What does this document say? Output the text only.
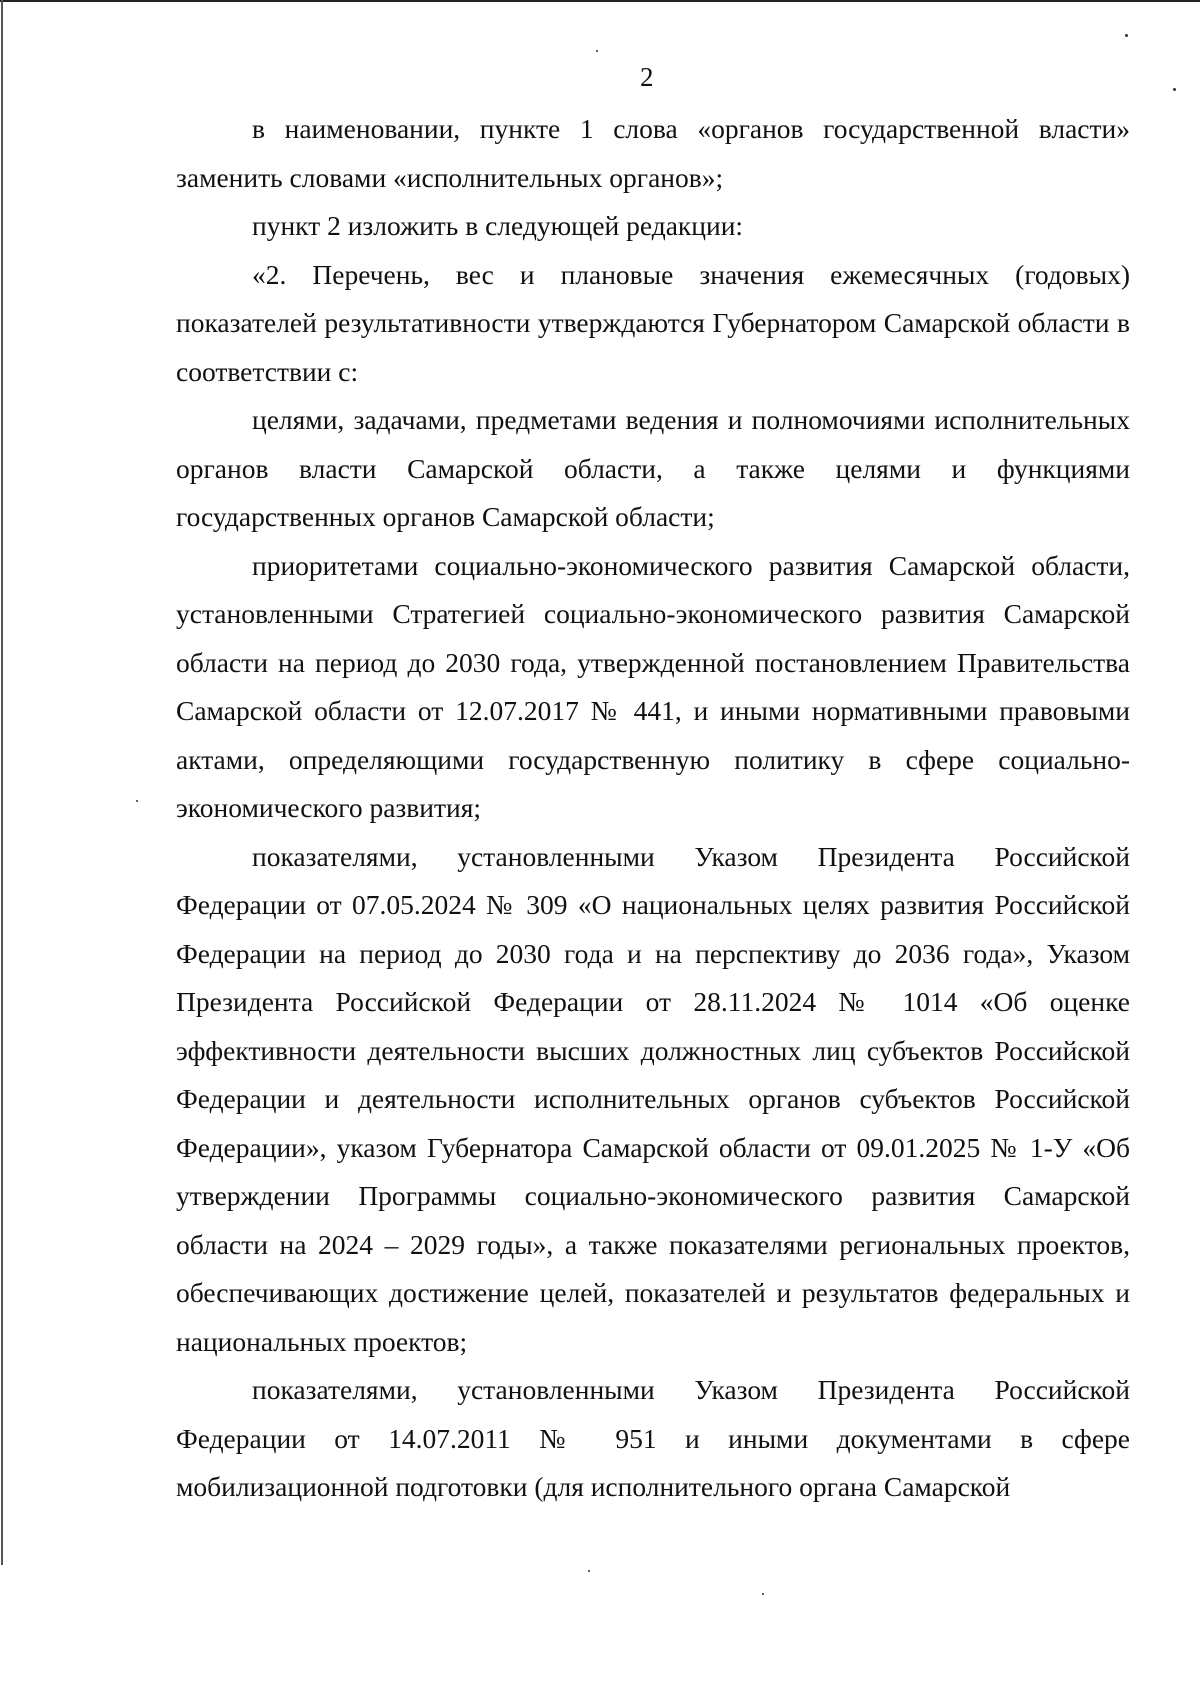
2

в наименовании, пункте 1 слова «органов государственной власти» заменить словами «исполнительных органов»;

пункт 2 изложить в следующей редакции:

«2. Перечень, вес и плановые значения ежемесячных (годовых) показателей результативности утверждаются Губернатором Самарской области в соответствии с:

целями, задачами, предметами ведения и полномочиями исполнительных органов власти Самарской области, а также целями и функциями государственных органов Самарской области;

приоритетами социально-экономического развития Самарской области, установленными Стратегией социально-экономического развития Самарской области на период до 2030 года, утвержденной постановлением Правительства Самарской области от 12.07.2017 № 441, и иными нормативными правовыми актами, определяющими государственную политику в сфере социально-экономического развития;

показателями, установленными Указом Президента Российской Федерации от 07.05.2024 № 309 «О национальных целях развития Российской Федерации на период до 2030 года и на перспективу до 2036 года», Указом Президента Российской Федерации от 28.11.2024 № 1014 «Об оценке эффективности деятельности высших должностных лиц субъектов Российской Федерации и деятельности исполнительных органов субъектов Российской Федерации», указом Губернатора Самарской области от 09.01.2025 № 1-У «Об утверждении Программы социально-экономического развития Самарской области на 2024 – 2029 годы», а также показателями региональных проектов, обеспечивающих достижение целей, показателей и результатов федеральных и национальных проектов;

показателями, установленными Указом Президента Российской Федерации от 14.07.2011 № 951 и иными документами в сфере мобилизационной подготовки (для исполнительного органа Самарской
